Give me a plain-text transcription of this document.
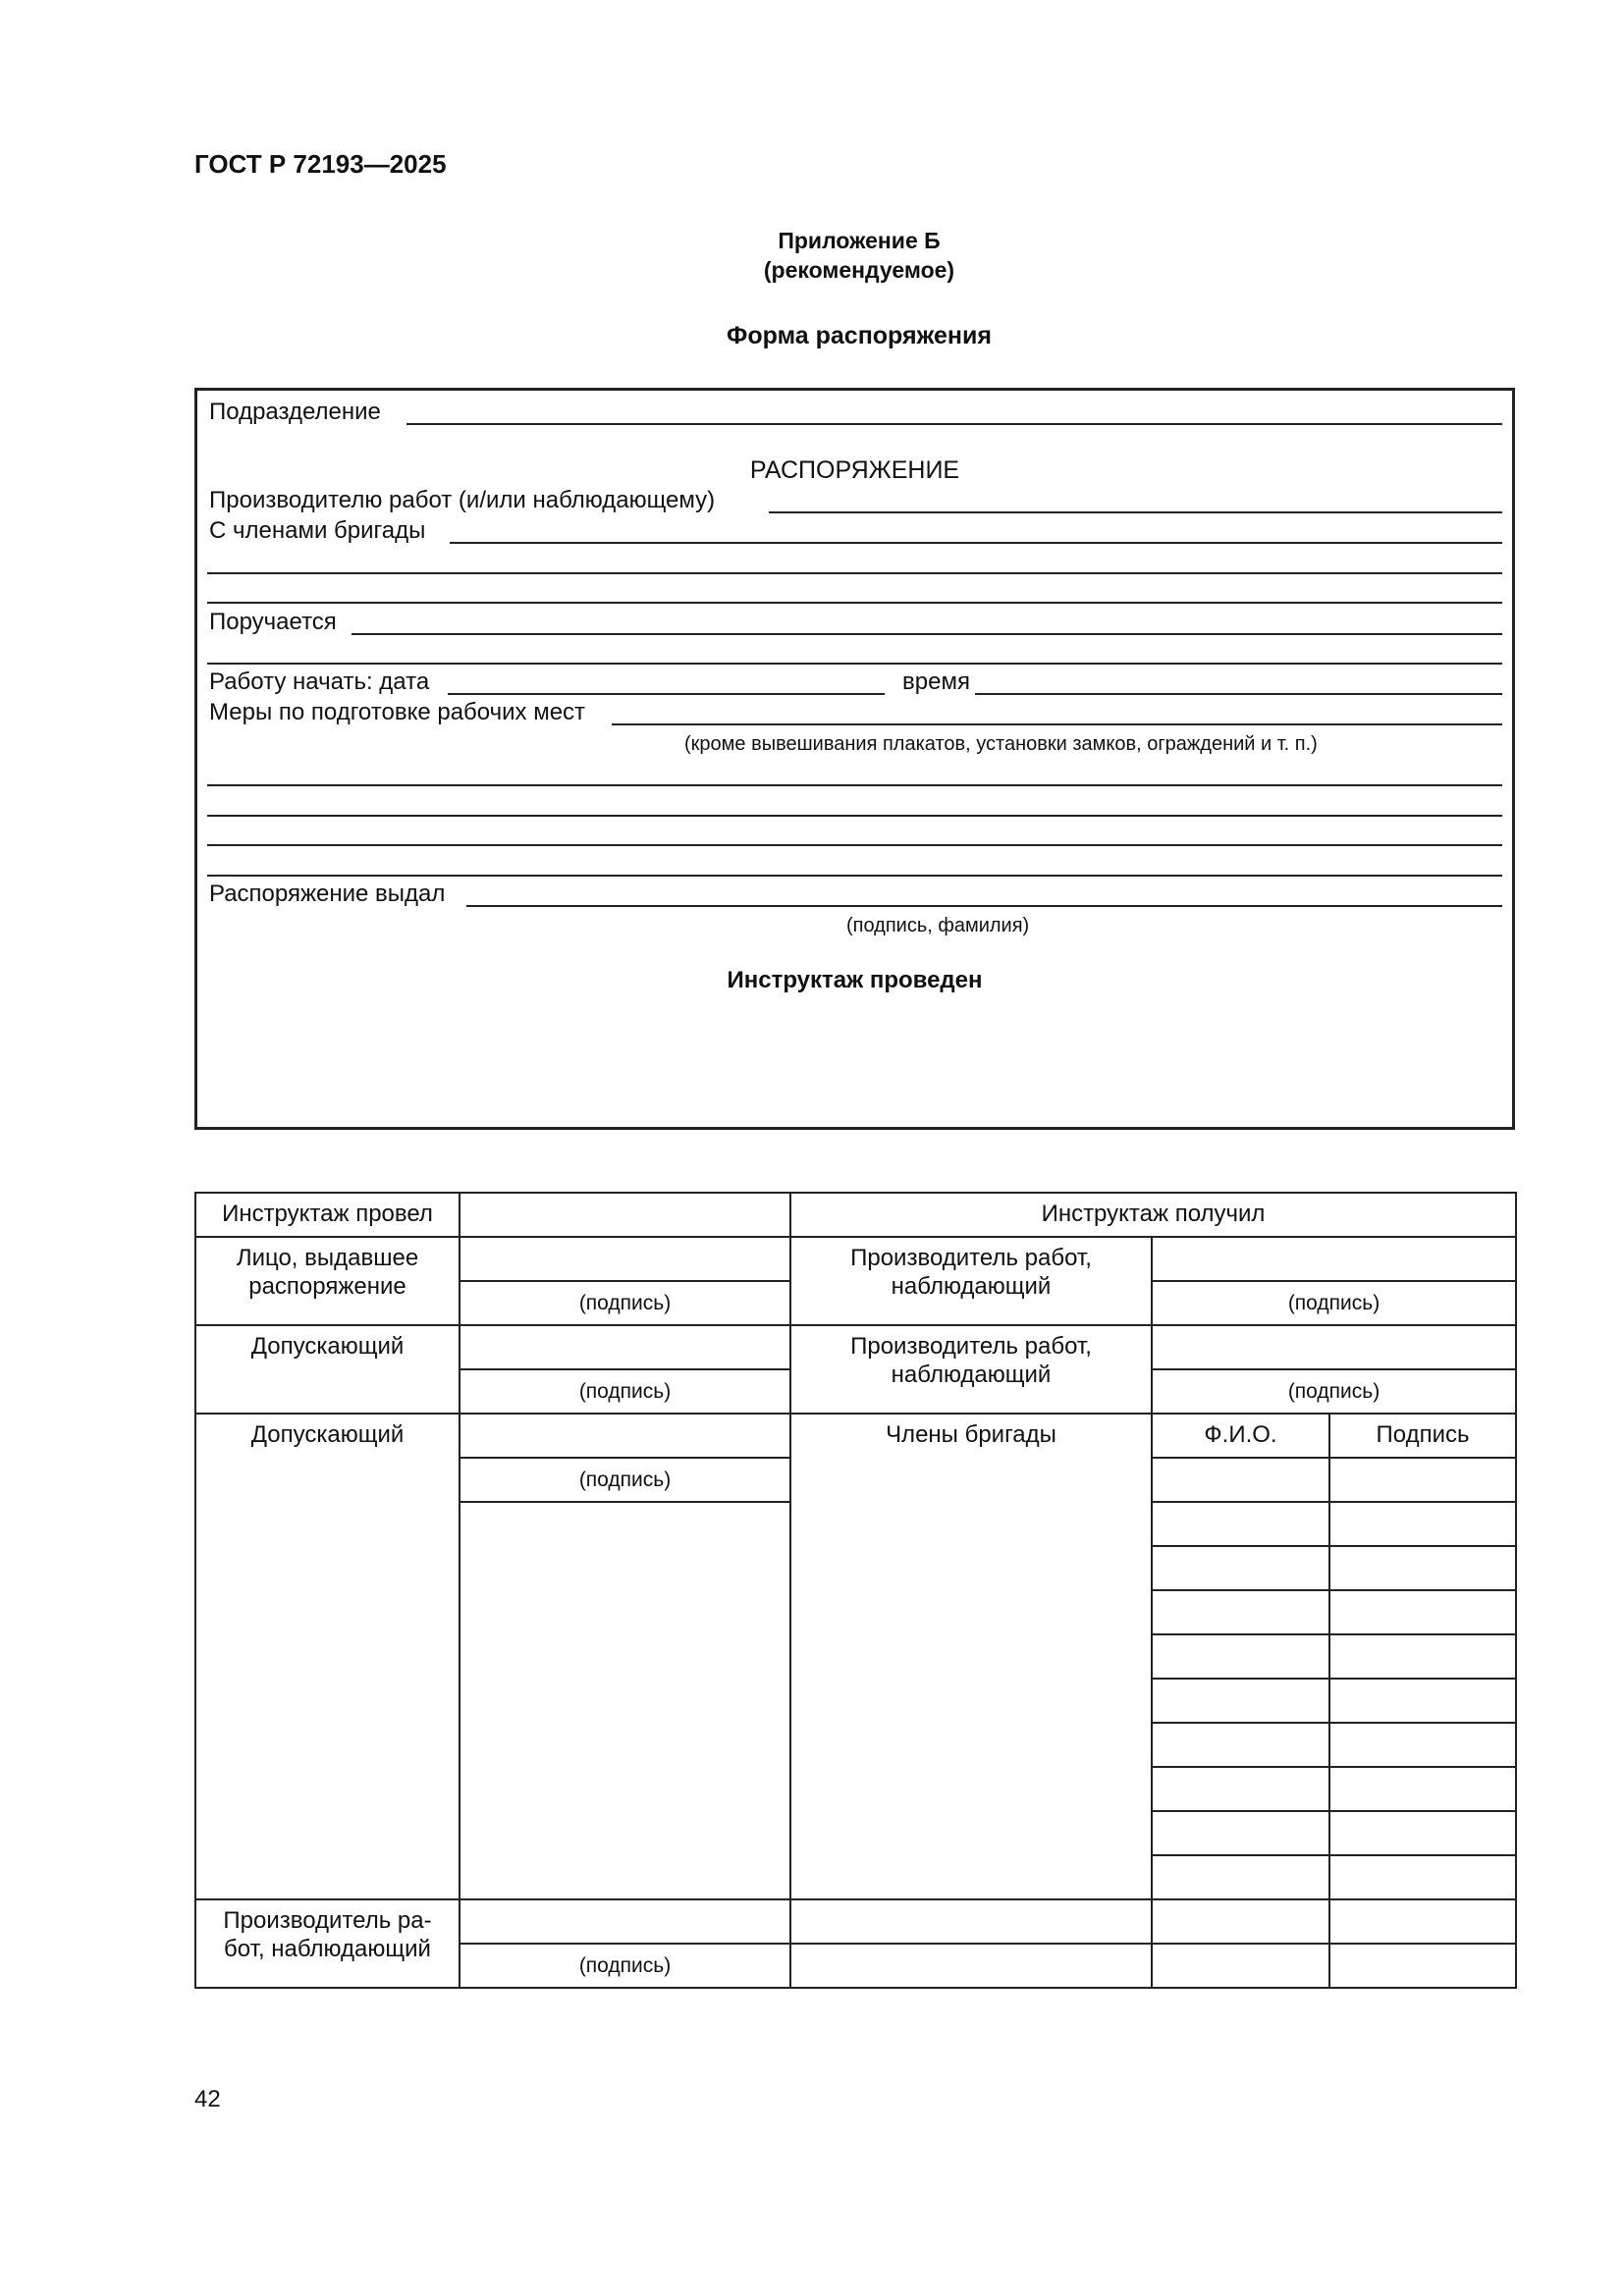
ГОСТ Р 72193—2025
Приложение Б
(рекомендуемое)
Форма распоряжения
Подразделение
РАСПОРЯЖЕНИЕ
Производителю работ (и/или наблюдающему)
С членами бригады
Поручается
Работу начать: дата	время
Меры по подготовке рабочих мест
(кроме вывешивания плакатов, установки замков, ограждений и т. п.)
Распоряжение выдал
(подпись, фамилия)
Инструктаж проведен
Инструктаж провел		Инструктаж получил		
Лицо, выдавшее распоряжение		Производитель работ, наблюдающий		
	(подпись)		(подпись)	
Допускающий		Производитель работ, наблюдающий		
	(подпись)		(подпись)	
Допускающий		Члены бригады	Ф.И.О.	Подпись
	(подпись)			

Производитель ра-
бот, наблюдающий				

	(подпись)			
42
